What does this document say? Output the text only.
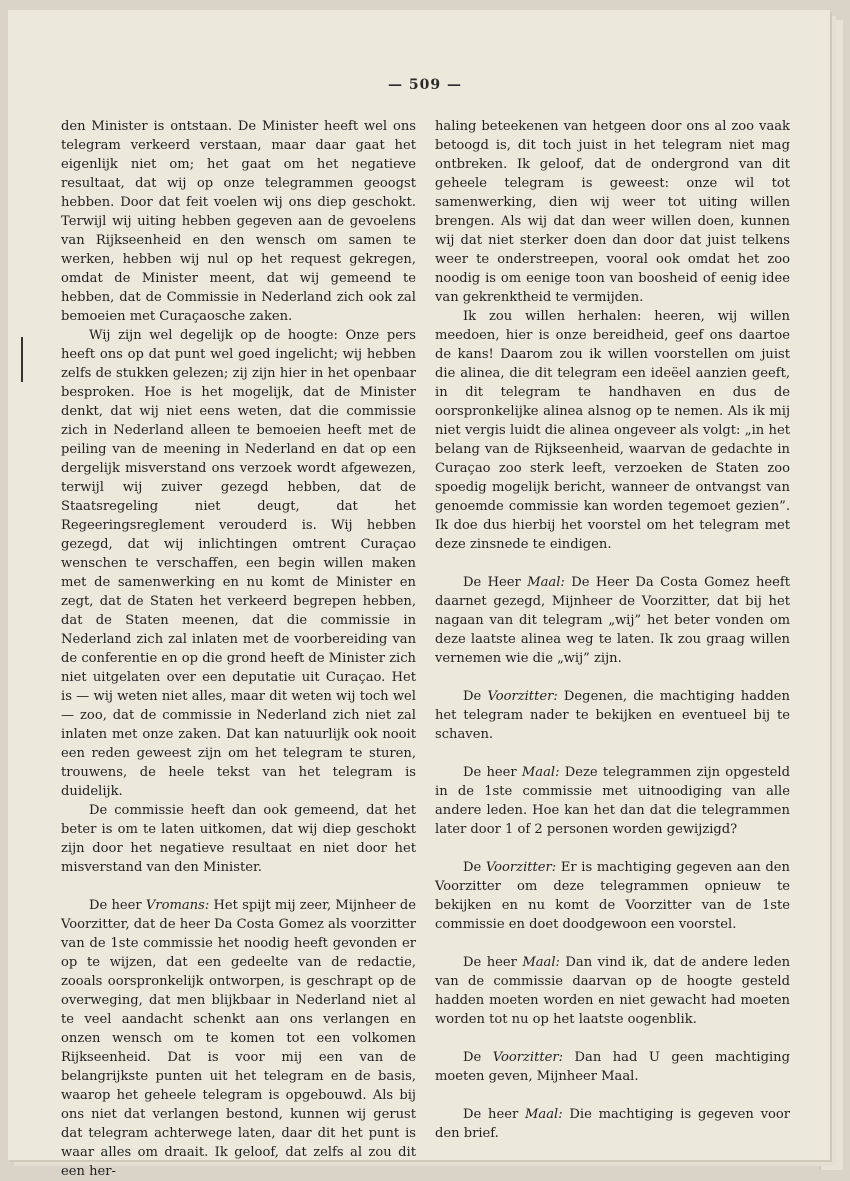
— 509 —

den Minister is ontstaan. De Minister heeft wel ons telegram verkeerd verstaan, maar daar gaat het eigenlijk niet om; het gaat om het negatieve resultaat, dat wij op onze telegrammen geoogst hebben. Door dat feit voelen wij ons diep geschokt. Terwijl wij uiting hebben gegeven aan de gevoelens van Rijkseenheid en den wensch om samen te werken, hebben wij nul op het request gekregen, omdat de Minister meent, dat wij gemeend te hebben, dat de Commissie in Nederland zich ook zal bemoeien met Curaçaosche zaken.

Wij zijn wel degelijk op de hoogte: Onze pers heeft ons op dat punt wel goed ingelicht; wij hebben zelfs de stukken gelezen; zij zijn hier in het openbaar besproken. Hoe is het mogelijk, dat de Minister denkt, dat wij niet eens weten, dat die commissie zich in Nederland alleen te bemoeien heeft met de peiling van de meening in Nederland en dat op een dergelijk misverstand ons verzoek wordt afgewezen, terwijl wij zuiver gezegd hebben, dat de Staatsregeling niet deugt, dat het Regeeringsreglement verouderd is. Wij hebben gezegd, dat wij inlichtingen omtrent Curaçao wenschen te verschaffen, een begin willen maken met de samenwerking en nu komt de Minister en zegt, dat de Staten het verkeerd begrepen hebben, dat de Staten meenen, dat die commissie in Nederland zich zal inlaten met de voorbereiding van de conferentie en op die grond heeft de Minister zich niet uitgelaten over een deputatie uit Curaçao. Het is — wij weten niet alles, maar dit weten wij toch wel — zoo, dat de commissie in Nederland zich niet zal inlaten met onze zaken. Dat kan natuurlijk ook nooit een reden geweest zijn om het telegram te sturen, trouwens, de heele tekst van het telegram is duidelijk.

De commissie heeft dan ook gemeend, dat het beter is om te laten uitkomen, dat wij diep geschokt zijn door het negatieve resultaat en niet door het misverstand van den Minister.

De heer Vromans: Het spijt mij zeer, Mijnheer de Voorzitter, dat de heer Da Costa Gomez als voorzitter van de 1ste commissie het noodig heeft gevonden er op te wijzen, dat een gedeelte van de redactie, zooals oorspronkelijk ontworpen, is geschrapt op de overweging, dat men blijkbaar in Nederland niet al te veel aandacht schenkt aan ons verlangen en onzen wensch om te komen tot een volkomen Rijkseenheid. Dat is voor mij een van de belangrijkste punten uit het telegram en de basis, waarop het geheele telegram is opgebouwd. Als bij ons niet dat verlangen bestond, kunnen wij gerust dat telegram achterwege laten, daar dit het punt is waar alles om draait. Ik geloof, dat zelfs al zou dit een her-

haling beteekenen van hetgeen door ons al zoo vaak betoogd is, dit toch juist in het telegram niet mag ontbreken. Ik geloof, dat de ondergrond van dit geheele telegram is geweest: onze wil tot samenwerking, dien wij weer tot uiting willen brengen. Als wij dat dan weer willen doen, kunnen wij dat niet sterker doen dan door dat juist telkens weer te onderstreepen, vooral ook omdat het zoo noodig is om eenige toon van boosheid of eenig idee van gekrenktheid te vermijden.

Ik zou willen herhalen: heeren, wij willen meedoen, hier is onze bereidheid, geef ons daartoe de kans! Daarom zou ik willen voorstellen om juist die alinea, die dit telegram een ideëel aanzien geeft, in dit telegram te handhaven en dus de oorspronkelijke alinea alsnog op te nemen. Als ik mij niet vergis luidt die alinea ongeveer als volgt: „in het belang van de Rijkseenheid, waarvan de gedachte in Curaçao zoo sterk leeft, verzoeken de Staten zoo spoedig mogelijk bericht, wanneer de ontvangst van genoemde commissie kan worden tegemoet gezien”. Ik doe dus hierbij het voorstel om het telegram met deze zinsnede te eindigen.

De Heer Maal: De Heer Da Costa Gomez heeft daarnet gezegd, Mijnheer de Voorzitter, dat bij het nagaan van dit telegram „wij” het beter vonden om deze laatste alinea weg te laten. Ik zou graag willen vernemen wie die „wij” zijn.

De Voorzitter: Degenen, die machtiging hadden het telegram nader te bekijken en eventueel bij te schaven.

De heer Maal: Deze telegrammen zijn opgesteld in de 1ste commissie met uitnoodiging van alle andere leden. Hoe kan het dan dat die telegrammen later door 1 of 2 personen worden gewijzigd?

De Voorzitter: Er is machtiging gegeven aan den Voorzitter om deze telegrammen opnieuw te bekijken en nu komt de Voorzitter van de 1ste commissie en doet doodgewoon een voorstel.

De heer Maal: Dan vind ik, dat de andere leden van de commissie daarvan op de hoogte gesteld hadden moeten worden en niet gewacht had moeten worden tot nu op het laatste oogenblik.

De Voorzitter: Dan had U geen machtiging moeten geven, Mijnheer Maal.

De heer Maal: Die machtiging is gegeven voor den brief.
